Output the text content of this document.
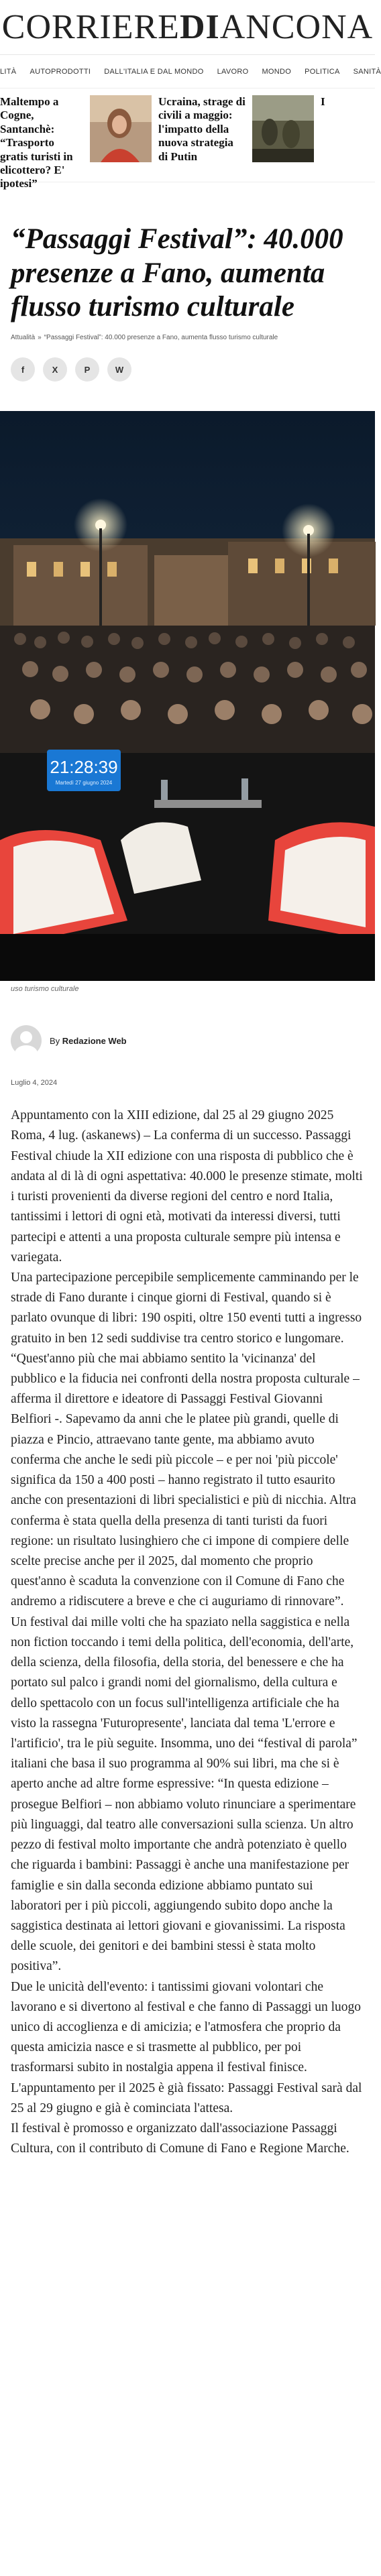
CORRIEREDIANCONA
LITÀ AUTOPRODOTTI DALL'ITALIA E DAL MONDO LAVORO MONDO POLITICA SANITÀ
Maltempo a Cogne, Santanchè: “Trasporto gratis turisti in elicottero? E' ipotesi”
Ucraina, strage di civili a maggio: l'impatto della nuova strategia di Putin
I
“Passaggi Festival”: 40.000 presenze a Fano, aumenta flusso turismo culturale
Attualità » “Passaggi Festival”: 40.000 presenze a Fano, aumenta flusso turismo culturale
f	X	P	W
21:28:39
Martedì 27 giugno 2024
uso turismo culturale
By Redazione Web
Luglio 4, 2024

Appuntamento con la XIII edizione, dal 25 al 29 giugno 2025

Roma, 4 lug. (askanews) – La conferma di un successo. Passaggi Festival chiude la XII edizione con una risposta di pubblico che è andata al di là di ogni aspettativa: 40.000 le presenze stimate, molti i turisti provenienti da diverse regioni del centro e nord Italia, tantissimi i lettori di ogni età, motivati da interessi diversi, tutti partecipi e attenti a una proposta culturale sempre più intensa e variegata.

Una partecipazione percepibile semplicemente camminando per le strade di Fano durante i cinque giorni di Festival, quando si è parlato ovunque di libri: 190 ospiti, oltre 150 eventi tutti a ingresso gratuito in ben 12 sedi suddivise tra centro storico e lungomare. “Quest'anno più che mai abbiamo sentito la 'vicinanza' del pubblico e la fiducia nei confronti della nostra proposta culturale – afferma il direttore e ideatore di Passaggi Festival Giovanni Belfiori -. Sapevamo da anni che le platee più grandi, quelle di piazza e Pincio, attraevano tante gente, ma abbiamo avuto conferma che anche le sedi più piccole – e per noi 'più piccole' significa da 150 a 400 posti – hanno registrato il tutto esaurito anche con presentazioni di libri specialistici e più di nicchia. Altra conferma è stata quella della presenza di tanti turisti da fuori regione: un risultato lusinghiero che ci impone di compiere delle scelte precise anche per il 2025, dal momento che proprio quest'anno è scaduta la convenzione con il Comune di Fano che andremo a ridiscutere a breve e che ci auguriamo di rinnovare”.

Un festival dai mille volti che ha spaziato nella saggistica e nella non fiction toccando i temi della politica, dell'economia, dell'arte, della scienza, della filosofia, della storia, del benessere e che ha portato sul palco i grandi nomi del giornalismo, della cultura e dello spettacolo con un focus sull'intelligenza artificiale che ha visto la rassegna 'Futuropresente', lanciata dal tema 'L'errore e l'artificio', tra le più seguite. Insomma, uno dei “festival di parola” italiani che basa il suo programma al 90% sui libri, ma che si è aperto anche ad altre forme espressive: “In questa edizione – prosegue Belfiori – non abbiamo voluto rinunciare a sperimentare più linguaggi, dal teatro alle conversazioni sulla scienza. Un altro pezzo di festival molto importante che andrà potenziato è quello che riguarda i bambini: Passaggi è anche una manifestazione per famiglie e sin dalla seconda edizione abbiamo puntato sui laboratori per i più piccoli, aggiungendo subito dopo anche la saggistica destinata ai lettori giovani e giovanissimi. La risposta delle scuole, dei genitori e dei bambini stessi è stata molto positiva”.

Due le unicità dell'evento: i tantissimi giovani volontari che lavorano e si divertono al festival e che fanno di Passaggi un luogo unico di accoglienza e di amicizia; e l'atmosfera che proprio da questa amicizia nasce e si trasmette al pubblico, per poi trasformarsi subito in nostalgia appena il festival finisce. L'appuntamento per il 2025 è già fissato: Passaggi Festival sarà dal 25 al 29 giugno e già è cominciata l'attesa.

Il festival è promosso e organizzato dall'associazione Passaggi Cultura, con il contributo di Comune di Fano e Regione Marche.
